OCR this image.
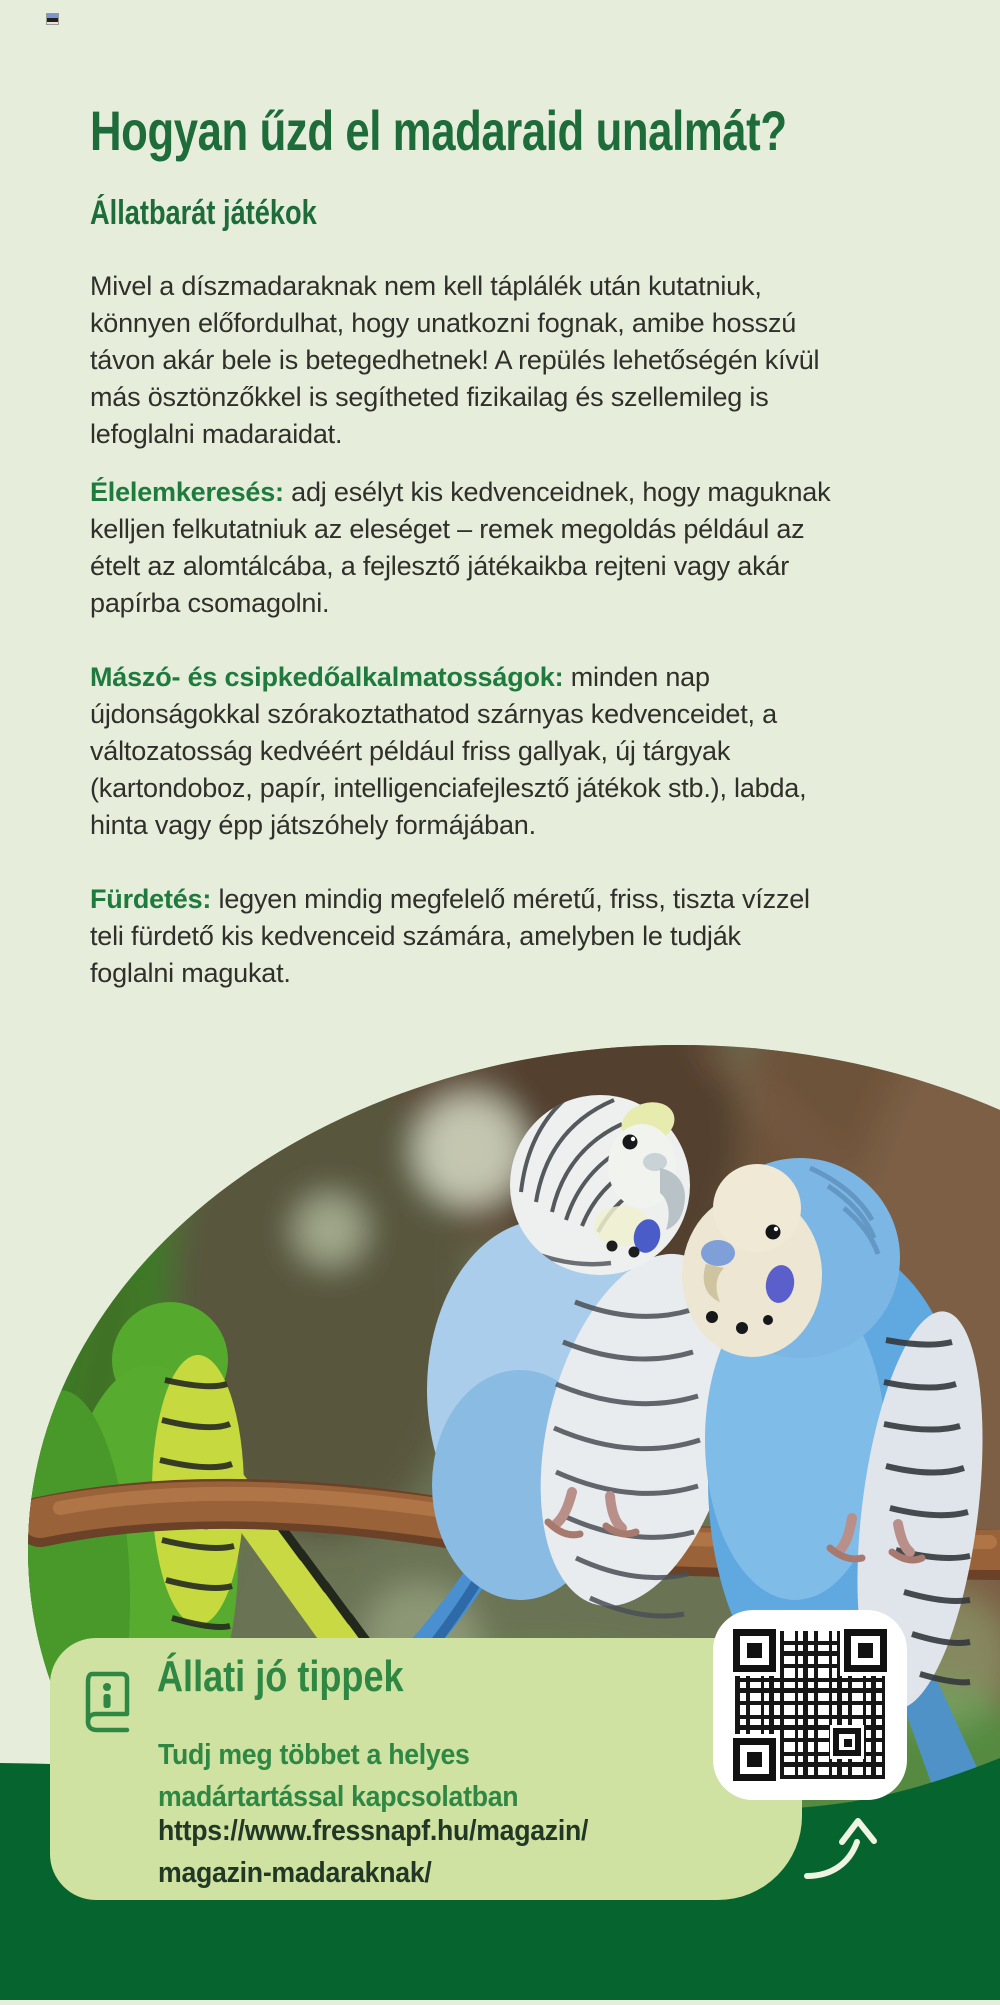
Hogyan űzd el madaraid unalmát?
Állatbarát játékok
Mivel a díszmadaraknak nem kell táplálék után kutatniuk,
könnyen előfordulhat, hogy unatkozni fognak, amibe hosszú
távon akár bele is betegedhetnek! A repülés lehetőségén kívül
más ösztönzőkkel is segítheted fizikailag és szellemileg is
lefoglalni madaraidat.
Élelemkeresés: adj esélyt kis kedvenceidnek, hogy maguknak
kelljen felkutatniuk az eleséget – remek megoldás például az
ételt az alomtálcába, a fejlesztő játékaikba rejteni vagy akár
papírba csomagolni.
Mászó- és csipkedőalkalmatosságok: minden nap
újdonságokkal szórakoztathatod szárnyas kedvenceidet, a
változatosság kedvéért például friss gallyak, új tárgyak
(kartondoboz, papír, intelligenciafejlesztő játékok stb.), labda,
hinta vagy épp játszóhely formájában.
Fürdetés: legyen mindig megfelelő méretű, friss, tiszta vízzel
teli fürdető kis kedvenceid számára, amelyben le tudják
foglalni magukat.
Állati jó tippek
Tudj meg többet a helyes
madártartással kapcsolatban
https://www.fressnapf.hu/magazin/
magazin-madaraknak/
